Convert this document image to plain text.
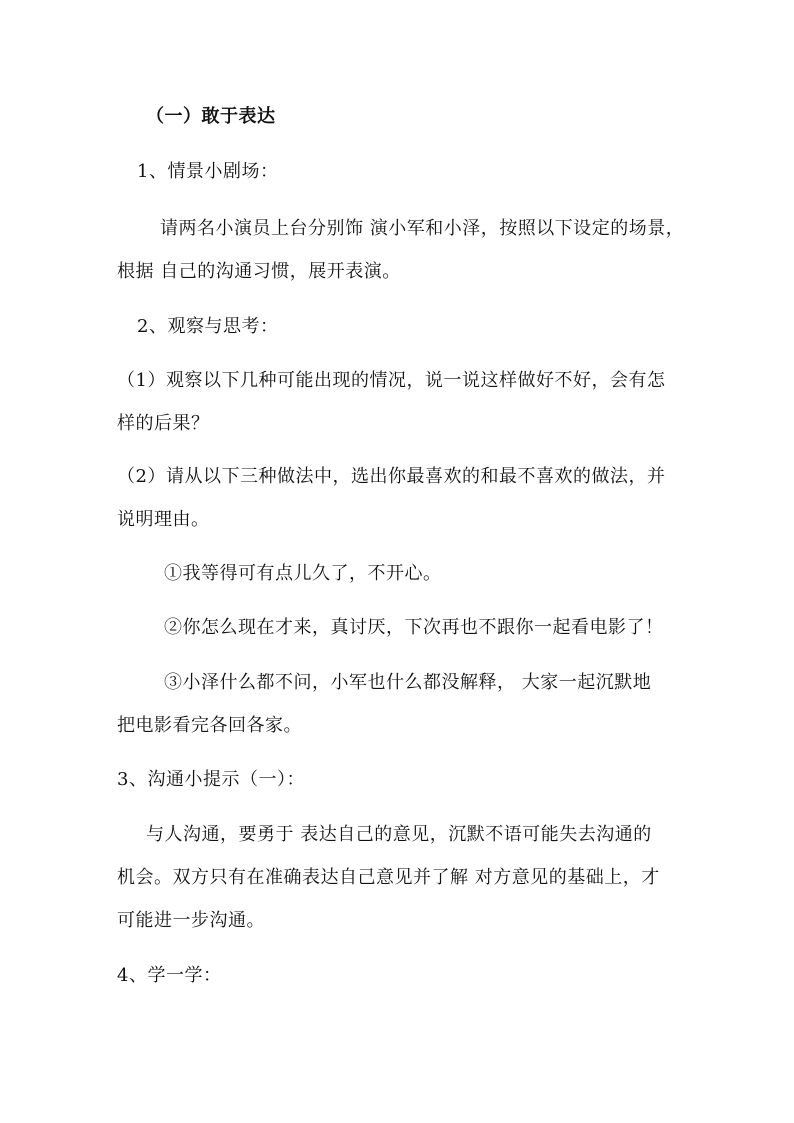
（一）敢于表达
1、情景小剧场：
请两名小演员上台分别饰 演小军和小泽，按照以下设定的场景，
根据 自己的沟通习惯，展开表演。
2、观察与思考：
（1）观察以下几种可能出现的情况，说一说这样做好不好，会有怎
样的后果？
（2）请从以下三种做法中，选出你最喜欢的和最不喜欢的做法，并
说明理由。
①我等得可有点儿久了，不开心。
②你怎么现在才来，真讨厌，下次再也不跟你一起看电影了！
③小泽什么都不问，小军也什么都没解释， 大家一起沉默地
把电影看完各回各家。
3、沟通小提示（一）：
与人沟通，要勇于 表达自己的意见，沉默不语可能失去沟通的
机会。双方只有在准确表达自己意见并了解 对方意见的基础上，才
可能进一步沟通。
4、学一学：
